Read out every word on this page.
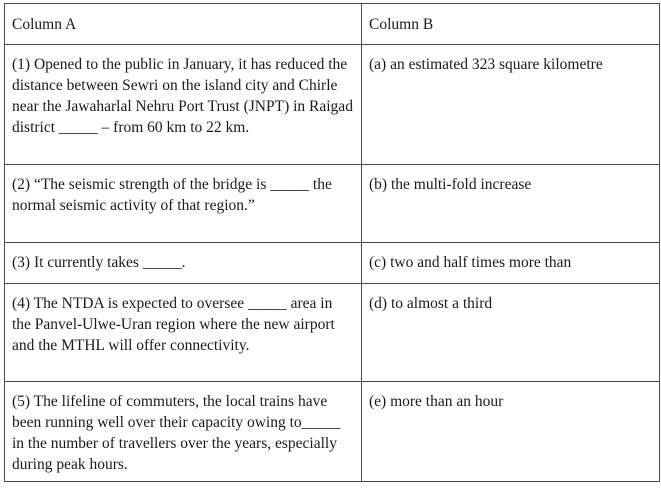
Column A	Column B
(1) Opened to the public in January, it has reduced the distance between Sewri on the island city and Chirle near the Jawaharlal Nehru Port Trust (JNPT) in Raigad district _____ – from 60 km to 22 km.	(a) an estimated 323 square kilometre
(2) “The seismic strength of the bridge is _____ the normal seismic activity of that region.”	(b) the multi-fold increase
(3) It currently takes _____.	(c) two and half times more than
(4) The NTDA is expected to oversee _____ area in the Panvel-Ulwe-Uran region where the new airport and the MTHL will offer connectivity.	(d) to almost a third
(5) The lifeline of commuters, the local trains have been running well over their capacity owing to_____ in the number of travellers over the years, especially during peak hours.	(e) more than an hour
